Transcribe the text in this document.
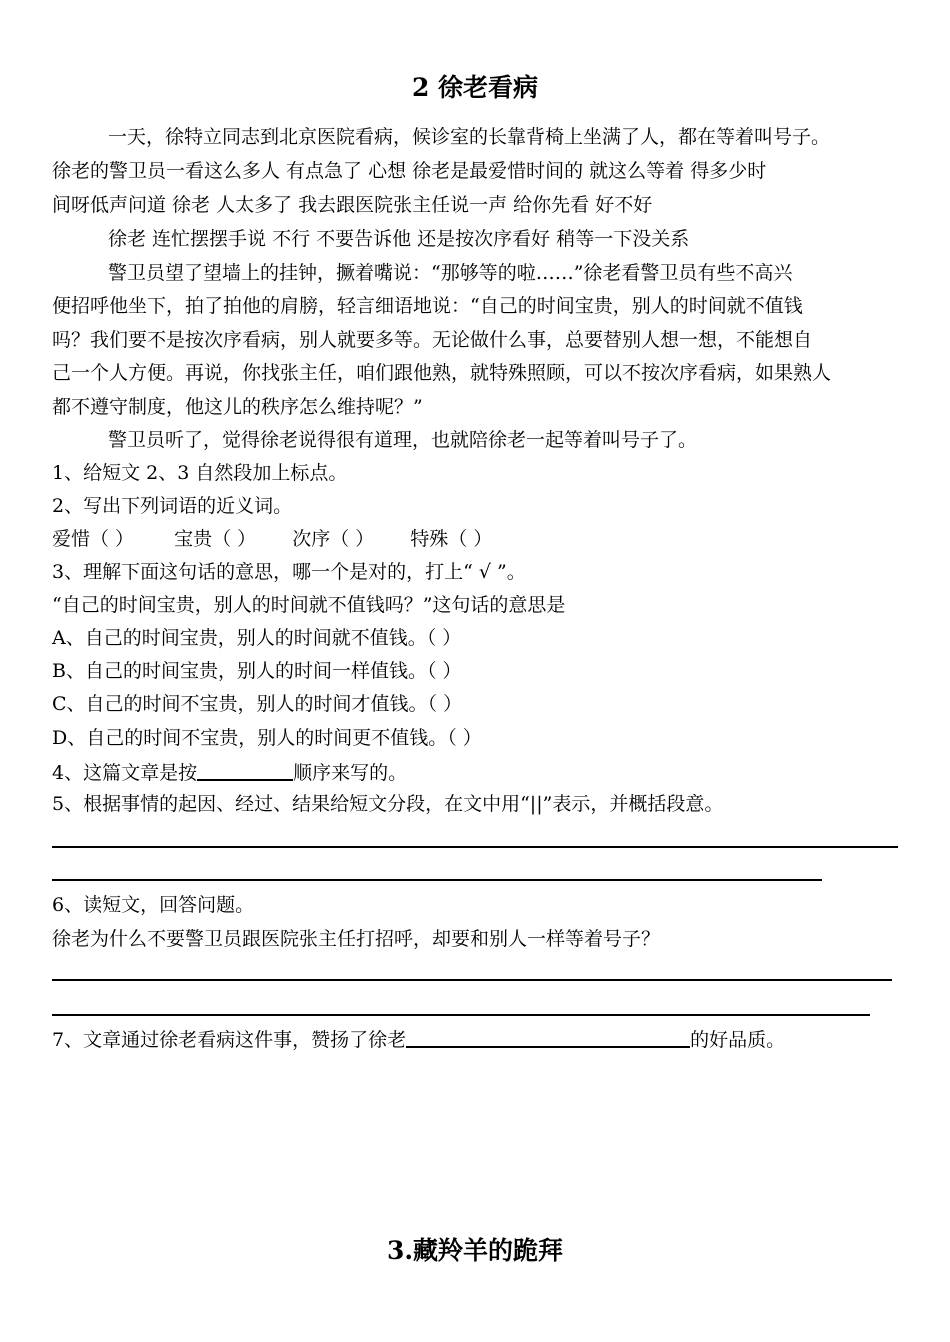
2 徐老看病
一天，徐特立同志到北京医院看病，候诊室的长靠背椅上坐满了人，都在等着叫号子。
徐老的警卫员一看这么多人 有点急了 心想 徐老是最爱惜时间的 就这么等着 得多少时
间呀低声问道 徐老 人太多了 我去跟医院张主任说一声 给你先看 好不好
徐老 连忙摆摆手说 不行 不要告诉他 还是按次序看好 稍等一下没关系
警卫员望了望墙上的挂钟，撅着嘴说：“那够等的啦……”徐老看警卫员有些不高兴
便招呼他坐下，拍了拍他的肩膀，轻言细语地说：“自己的时间宝贵，别人的时间就不值钱
吗？我们要不是按次序看病，别人就要多等。无论做什么事，总要替别人想一想，不能想自
己一个人方便。再说，你找张主任，咱们跟他熟，就特殊照顾，可以不按次序看病，如果熟人
都不遵守制度，他这儿的秩序怎么维持呢？”
警卫员听了，觉得徐老说得很有道理，也就陪徐老一起等着叫号子了。
1、给短文 2、3 自然段加上标点。
2、写出下列词语的近义词。
爱惜（ ） 宝贵（ ） 次序（ ） 特殊（ ）
3、理解下面这句话的意思，哪一个是对的，打上“ √ ”。
“自己的时间宝贵，别人的时间就不值钱吗？”这句话的意思是
A、自己的时间宝贵，别人的时间就不值钱。（ ）
B、自己的时间宝贵，别人的时间一样值钱。（ ）
C、自己的时间不宝贵，别人的时间才值钱。（ ）
D、自己的时间不宝贵，别人的时间更不值钱。（ ）
4、这篇文章是按	顺序来写的。
5、根据事情的起因、经过、结果给短文分段，在文中用“||”表示，并概括段意。
6、读短文，回答问题。
徐老为什么不要警卫员跟医院张主任打招呼，却要和别人一样等着号子？
7、文章通过徐老看病这件事，赞扬了徐老	的好品质。
3.藏羚羊的跪拜
